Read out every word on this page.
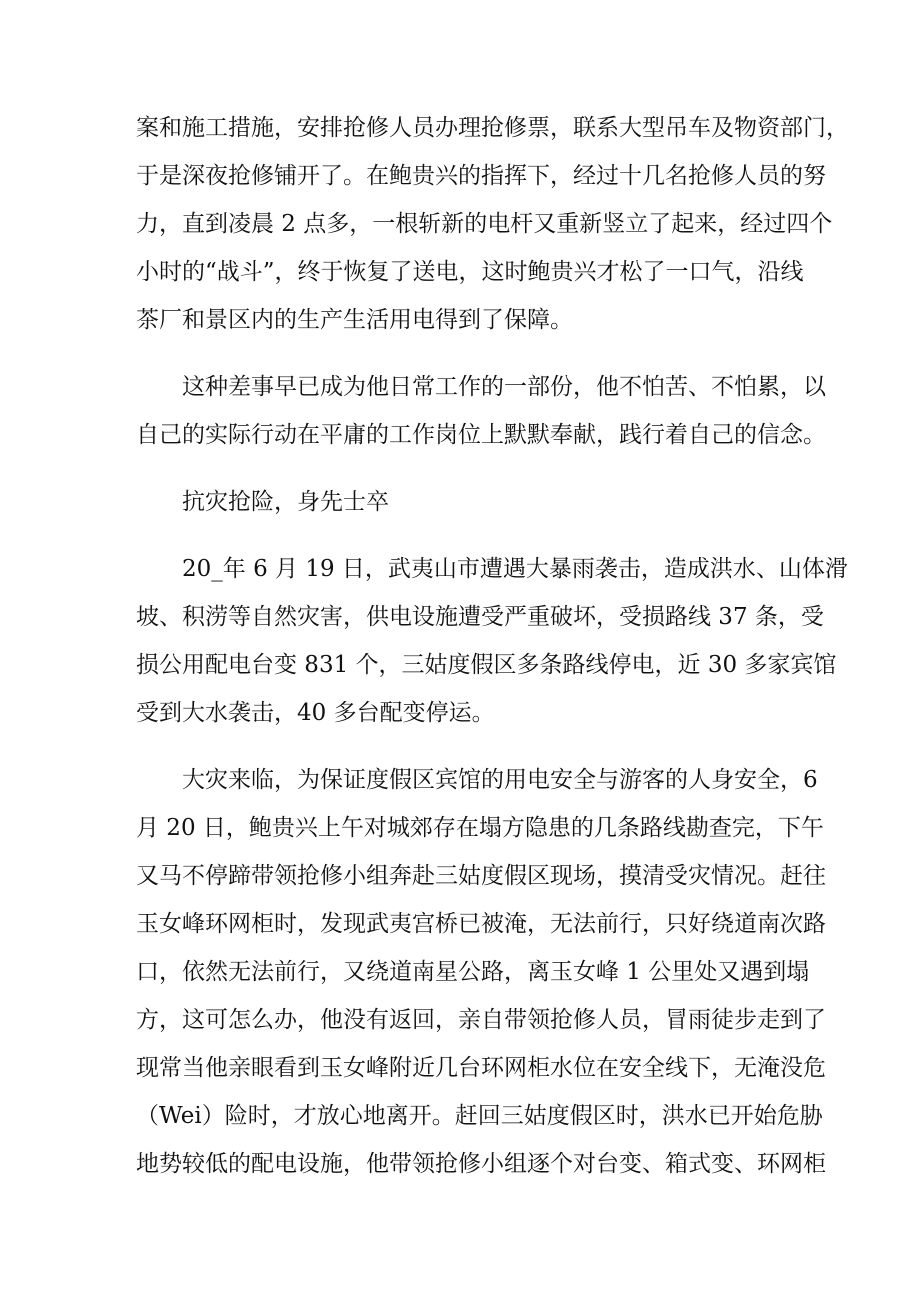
案和施工措施，安排抢修人员办理抢修票，联系大型吊车及物资部门，
于是深夜抢修铺开了。在鲍贵兴的指挥下，经过十几名抢修人员的努
力，直到凌晨 2 点多，一根斩新的电杆又重新竖立了起来，经过四个
小时的“战斗”，终于恢复了送电，这时鲍贵兴才松了一口气，沿线
茶厂和景区内的生产生活用电得到了保障。
这种差事早已成为他日常工作的一部份，他不怕苦、不怕累，以
自己的实际行动在平庸的工作岗位上默默奉献，践行着自己的信念。
抗灾抢险，身先士卒
20_年 6 月 19 日，武夷山市遭遇大暴雨袭击，造成洪水、山体滑
坡、积涝等自然灾害，供电设施遭受严重破坏，受损路线 37 条，受
损公用配电台变 831 个，三姑度假区多条路线停电，近 30 多家宾馆
受到大水袭击，40 多台配变停运。
大灾来临，为保证度假区宾馆的用电安全与游客的人身安全，6
月 20 日，鲍贵兴上午对城郊存在塌方隐患的几条路线勘查完，下午
又马不停蹄带领抢修小组奔赴三姑度假区现场，摸清受灾情况。赶往
玉女峰环网柜时，发现武夷宫桥已被淹，无法前行，只好绕道南次路
口，依然无法前行，又绕道南星公路，离玉女峰 1 公里处又遇到塌
方，这可怎么办，他没有返回，亲自带领抢修人员，冒雨徒步走到了
现常当他亲眼看到玉女峰附近几台环网柜水位在安全线下，无淹没危
（Wei）险时，才放心地离开。赶回三姑度假区时，洪水已开始危胁
地势较低的配电设施，他带领抢修小组逐个对台变、箱式变、环网柜
